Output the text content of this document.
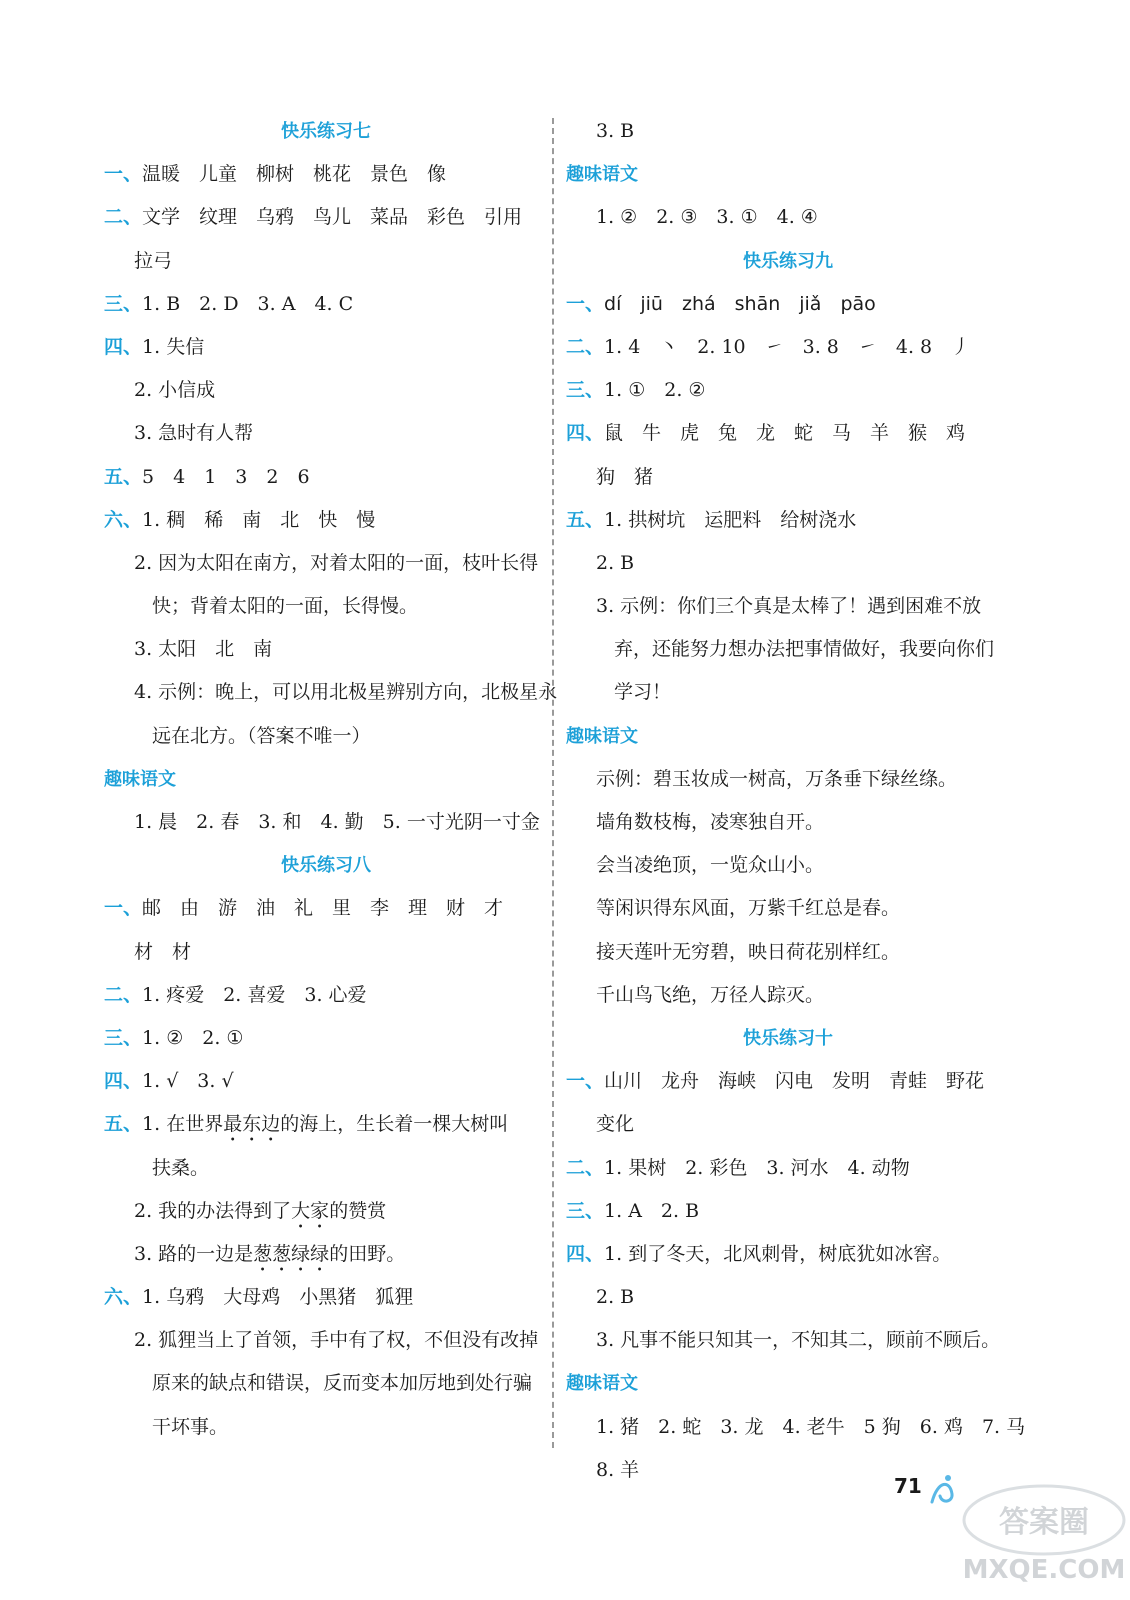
快乐练习七
一、温暖　儿童　柳树　桃花　景色　像
二、文学　纹理　乌鸦　鸟儿　菜品　彩色　引用
拉弓
三、1. B　2. D　3. A　4. C
四、1. 失信
2. 小信成
3. 急时有人帮
五、5　4　1　3　2　6
六、1. 稠　稀　南　北　快　慢
2. 因为太阳在南方，对着太阳的一面，枝叶长得
快；背着太阳的一面，长得慢。
3. 太阳　北　南
4. 示例：晚上，可以用北极星辨别方向，北极星永
远在北方。（答案不唯一）
趣味语文
1. 晨　2. 春　3. 和　4. 勤　5. 一寸光阴一寸金
快乐练习八
一、邮　由　游　油　礼　里　李　理　财　才
材　材
二、1. 疼爱　2. 喜爱　3. 心爱
三、1. ②　2. ①
四、1. √　3. √
五、1. 在世界最东边的海上，生长着一棵大树叫
扶桑。
2. 我的办法得到了大家的赞赏
3. 路的一边是葱葱绿绿的田野。
六、1. 乌鸦　大母鸡　小黑猪　狐狸
2. 狐狸当上了首领，手中有了权，不但没有改掉
原来的缺点和错误，反而变本加厉地到处行骗
干坏事。
3. B
趣味语文
1. ②　2. ③　3. ①　4. ④
快乐练习九
一、dí　jiū　zhá　shān　jiǎ　pāo
二、1. 4　丶　2. 10　㇀　3. 8　㇀　4. 8　丿
三、1. ①　2. ②
四、鼠　牛　虎　兔　龙　蛇　马　羊　猴　鸡
狗　猪
五、1. 拱树坑　运肥料　给树浇水
2. B
3. 示例：你们三个真是太棒了！遇到困难不放
弃，还能努力想办法把事情做好，我要向你们
学习！
趣味语文
示例：碧玉妆成一树高，万条垂下绿丝绦。
墙角数枝梅，凌寒独自开。
会当凌绝顶，一览众山小。
等闲识得东风面，万紫千红总是春。
接天莲叶无穷碧，映日荷花别样红。
千山鸟飞绝，万径人踪灭。
快乐练习十
一、山川　龙舟　海峡　闪电　发明　青蛙　野花
变化
二、1. 果树　2. 彩色　3. 河水　4. 动物
三、1. A　2. B
四、1. 到了冬天，北风刺骨，树底犹如冰窖。
2. B
3. 凡事不能只知其一，不知其二，顾前不顾后。
趣味语文
1. 猪　2. 蛇　3. 龙　4. 老牛　5 狗　6. 鸡　7. 马
8. 羊
71
答案圈
MXQE.COM
